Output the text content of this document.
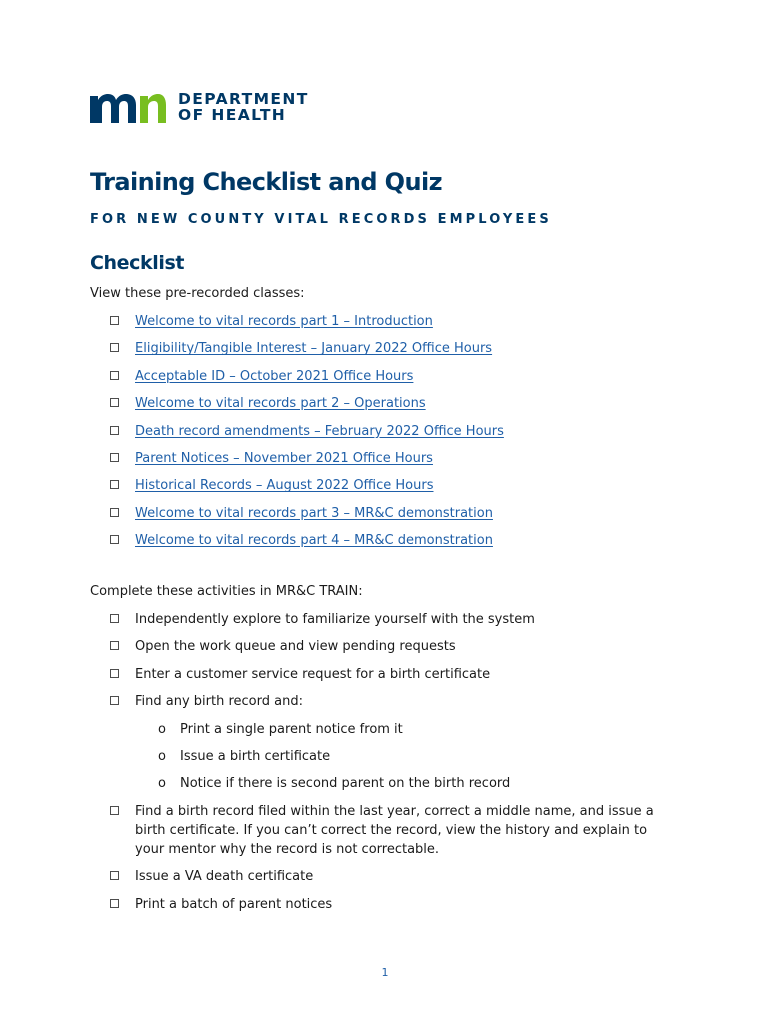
DEPARTMENT
OF HEALTH
Training Checklist and Quiz
FOR NEW COUNTY VITAL RECORDS EMPLOYEES
Checklist

View these pre-recorded classes:

Welcome to vital records part 1 – Introduction
Eligibility/Tangible Interest – January 2022 Office Hours
Acceptable ID – October 2021 Office Hours
Welcome to vital records part 2 – Operations
Death record amendments – February 2022 Office Hours
Parent Notices – November 2021 Office Hours
Historical Records – August 2022 Office Hours
Welcome to vital records part 3 – MR&C demonstration
Welcome to vital records part 4 – MR&C demonstration

Complete these activities in MR&C TRAIN:

Independently explore to familiarize yourself with the system
Open the work queue and view pending requests
Enter a customer service request for a birth certificate
Find any birth record and:
o	Print a single parent notice from it
o	Issue a birth certificate
o	Notice if there is second parent on the birth record
Find a birth record filed within the last year, correct a middle name, and issue a birth certificate. If you can’t correct the record, view the history and explain to your mentor why the record is not correctable.
Issue a VA death certificate
Print a batch of parent notices

1
